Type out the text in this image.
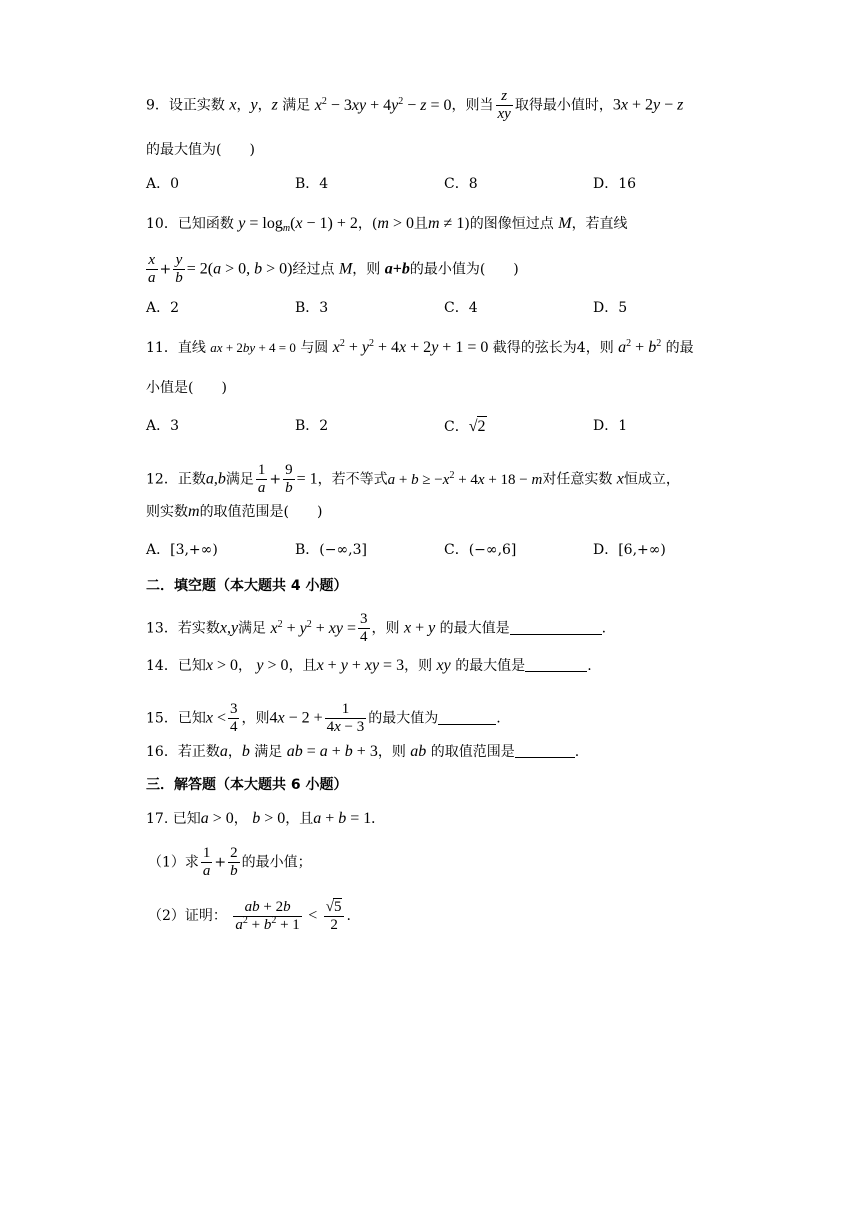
9．设正实数 x，y，z 满足 $x^2 - 3xy + 4y^2 - z = 0$，则当 $\frac{z}{xy}$ 取得最小值时，3x + 2y − z
的最大值为(　　)
A．0	B．4	C．8	D．16
10．已知函数 $y = \log_m(x - 1) + 2$，(m > 0且m ≠ 1)的图像恒过点 M，若直线
$\frac{x}{a} + \frac{y}{b} = 2(a > 0$, b > 0)经过点 M，则 a+b的最小值为(　　)
A．2	B．3	C．4	D．5
11．直线 ax + 2by + 4 = 0 与圆 $x^2 + y^2 + 4x + 2y + 1 = 0$ 截得的弦长为4，则 $a^2 + b^2$ 的最
小值是(　　)
A．3	B．2	C．√2	D．1
12．正数a,b满足 $\frac{1}{a} + \frac{9}{b} = 1$，若不等式$a + b \ge -x^2 + 4x + 18 - m$对任意实数 x恒成立，
则实数m的取值范围是(　　)
A．[3,+∞)	B．(−∞,3]	C．(−∞,6]	D．[6,+∞)
二．填空题（本大题共 4 小题）
13．若实数x,y满足 $x^2 + y^2$ + xy = $\frac{3}{4}$ ，则 x + y 的最大值是	.
14．已知x > 0， y > 0，且x + y + xy = 3，则 xy 的最大值是	.
15．已知$x < \frac{3}{4}$ ，则$4x - 2 + \frac{1}{4x - 3}$ 的最大值为	.
16．若正数a，b 满足 ab = a + b + 3，则 ab 的取值范围是	.
三．解答题（本大题共 6 小题）
17. 已知a > 0， b > 0，且a + b = 1.
（1）求 $\frac{1}{a} + \frac{2}{b}$ 的最小值；
（2）证明： $\frac{ab + 2b}{a^2 + b^2 + 1} < \frac{√5}{2}$ .
